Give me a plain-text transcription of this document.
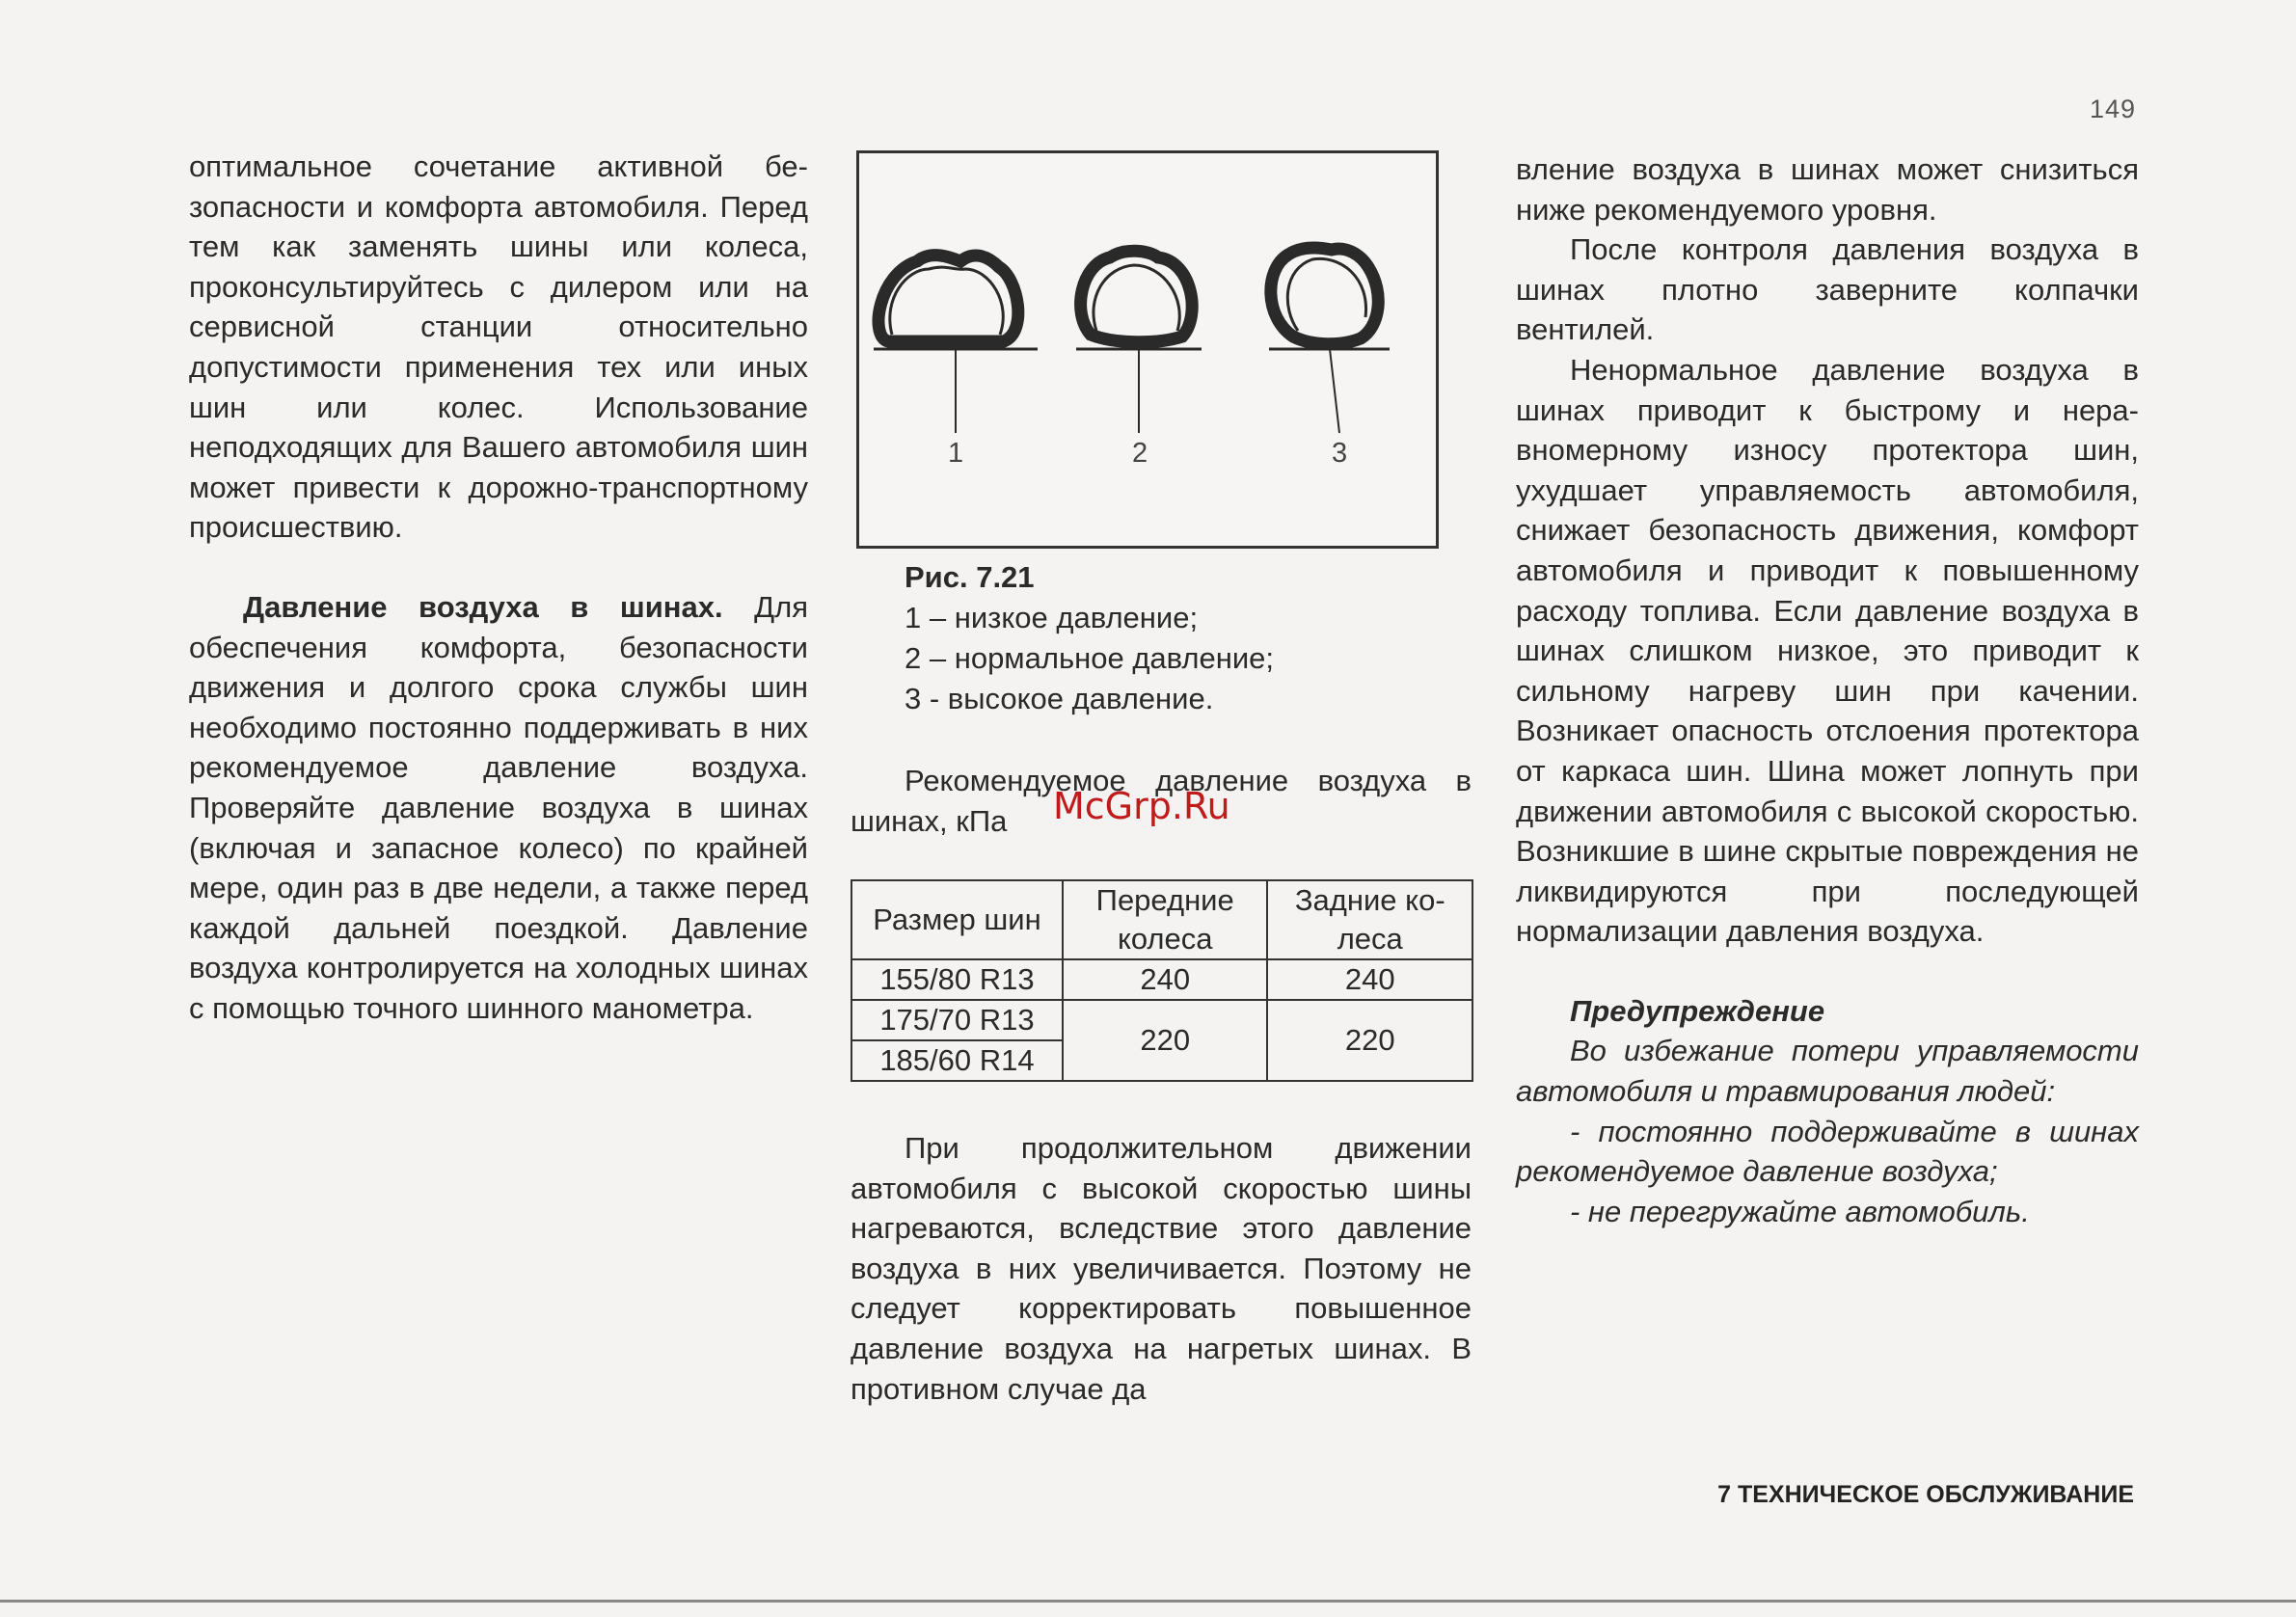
149

оптимальное сочетание активной безопасности и комфорта автомобиля. Перед тем как заменять шины или колеса, проконсультируйтесь с дилером или на сервисной станции относительно допустимости применения тех или иных шин или колес. Использование неподходящих для Вашего автомобиля шин может привести к дорожно-транспортному происшествию.

Давление воздуха в шинах. Для обеспечения комфорта, безопасности движения и долгого срока службы шин необходимо постоянно поддерживать в них рекомендуемое давление воздуха. Проверяйте давление воздуха в шинах (включая и запасное колесо) по крайней мере, один раз в две недели, а также перед каждой дальней поездкой. Давление воздуха контролируется на холодных шинах с помощью точного шинного манометра.

1	2	3
Рис. 7.21
1 – низкое давление;
2 – нормальное давление;
3 - высокое давление.
Рекомендуемое давление воздуха в шинах, кПа	McGrp.Ru
Размер шин	Передние колеса	Задние колеса
155/80 R13	240	240
175/70 R13	220	220
185/60 R14		
При продолжительном движении автомобиля с высокой скоростью шины нагреваются, вследствие этого давление воздуха в них увеличивается. Поэтому не следует корректировать повышенное давление воздуха на нагретых шинах. В противном случае да

вление воздуха в шинах может снизиться ниже рекомендуемого уровня.

После контроля давления воздуха в шинах плотно заверните колпачки вентилей.

Ненормальное давление воздуха в шинах приводит к быстрому и неравномерному износу протектора шин, ухудшает управляемость автомобиля, снижает безопасность движения, комфорт автомобиля и приводит к повышенному расходу топлива. Если давление воздуха в шинах слишком низкое, это приводит к сильному нагреву шин при качении. Возникает опасность отслоения протектора от каркаса шин. Шина может лопнуть при движении автомобиля с высокой скоростью. Возникшие в шине скрытые повреждения не ликвидируются при последующей нормализации давления воздуха.

Предупреждение

Во избежание потери управляемости автомобиля и травмирования людей:

- постоянно поддерживайте в шинах рекомендуемое давление воздуха;

- не перегружайте автомобиль.

7 ТЕХНИЧЕСКОЕ ОБСЛУЖИВАНИЕ
